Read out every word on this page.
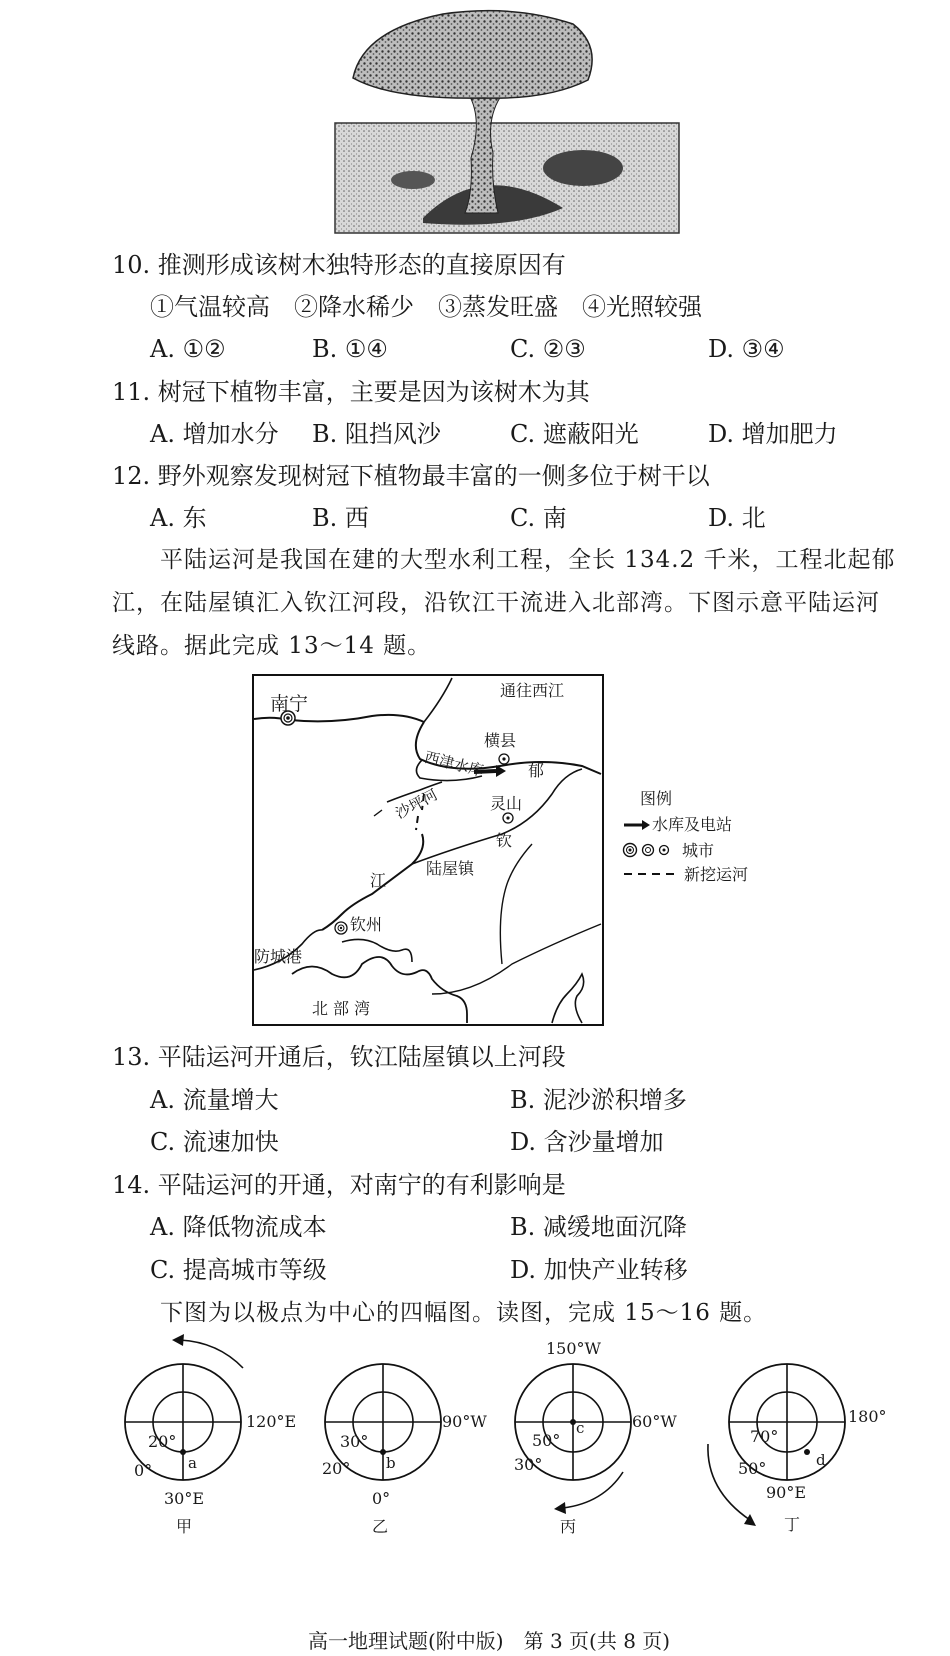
10. 推测形成该树木独特形态的直接原因有
①气温较高　②降水稀少　③蒸发旺盛　④光照较强
A. ①②	B. ①④	C. ②③	D. ③④
11. 树冠下植物丰富，主要是因为该树木为其
A. 增加水分 B. 阻挡风沙	C. 遮蔽阳光	D. 增加肥力
12. 野外观察发现树冠下植物最丰富的一侧多位于树干以
A. 东	B. 西	C. 南	D. 北
平陆运河是我国在建的大型水利工程，全长 134.2 千米，工程北起郁
江，在陆屋镇汇入钦江河段，沿钦江干流进入北部湾。下图示意平陆运河
线路。据此完成 13～14 题。
南宁
通往西江
横县
西津水库	郁
沙坪河	灵山
钦
江
陆屋镇
钦州
防城港
北部湾
图例
水库及电站
城市
新挖运河
13. 平陆运河开通后，钦江陆屋镇以上河段
A. 流量增大	B. 泥沙淤积增多
C. 流速加快	D. 含沙量增加
14. 平陆运河的开通，对南宁的有利影响是
A. 降低物流成本	B. 减缓地面沉降
C. 提高城市等级	D. 加快产业转移
下图为以极点为中心的四幅图。读图，完成 15～16 题。
120°E
20°
0° a
30°E
甲
90°W
30°
20° b
0°
乙
150°W
60°W
50°
30°
c
丙
180°
70°
50°	d
90°E
丁
高一地理试题(附中版)　第 3 页(共 8 页)
